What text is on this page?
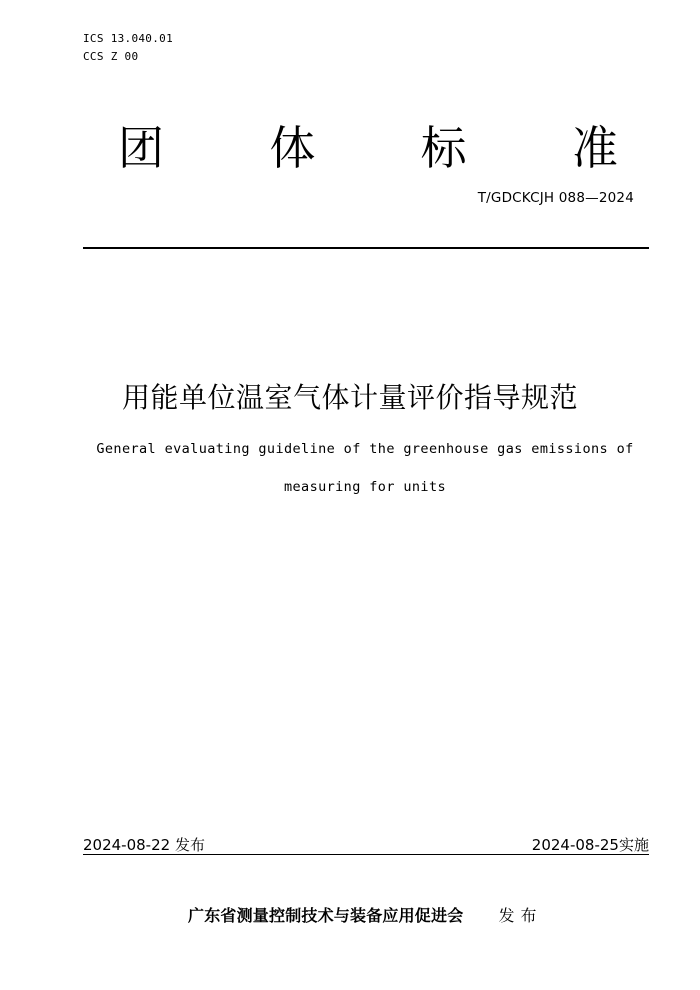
ICS 13.040.01
CCS Z 00
团 体 标 准
T/GDCKCJH 088—2024
用能单位温室气体计量评价指导规范
General evaluating guideline of the greenhouse gas emissions of
measuring for units
2024-08-22 发布	2024-08-25实施
广东省测量控制技术与装备应用促进会 发布
